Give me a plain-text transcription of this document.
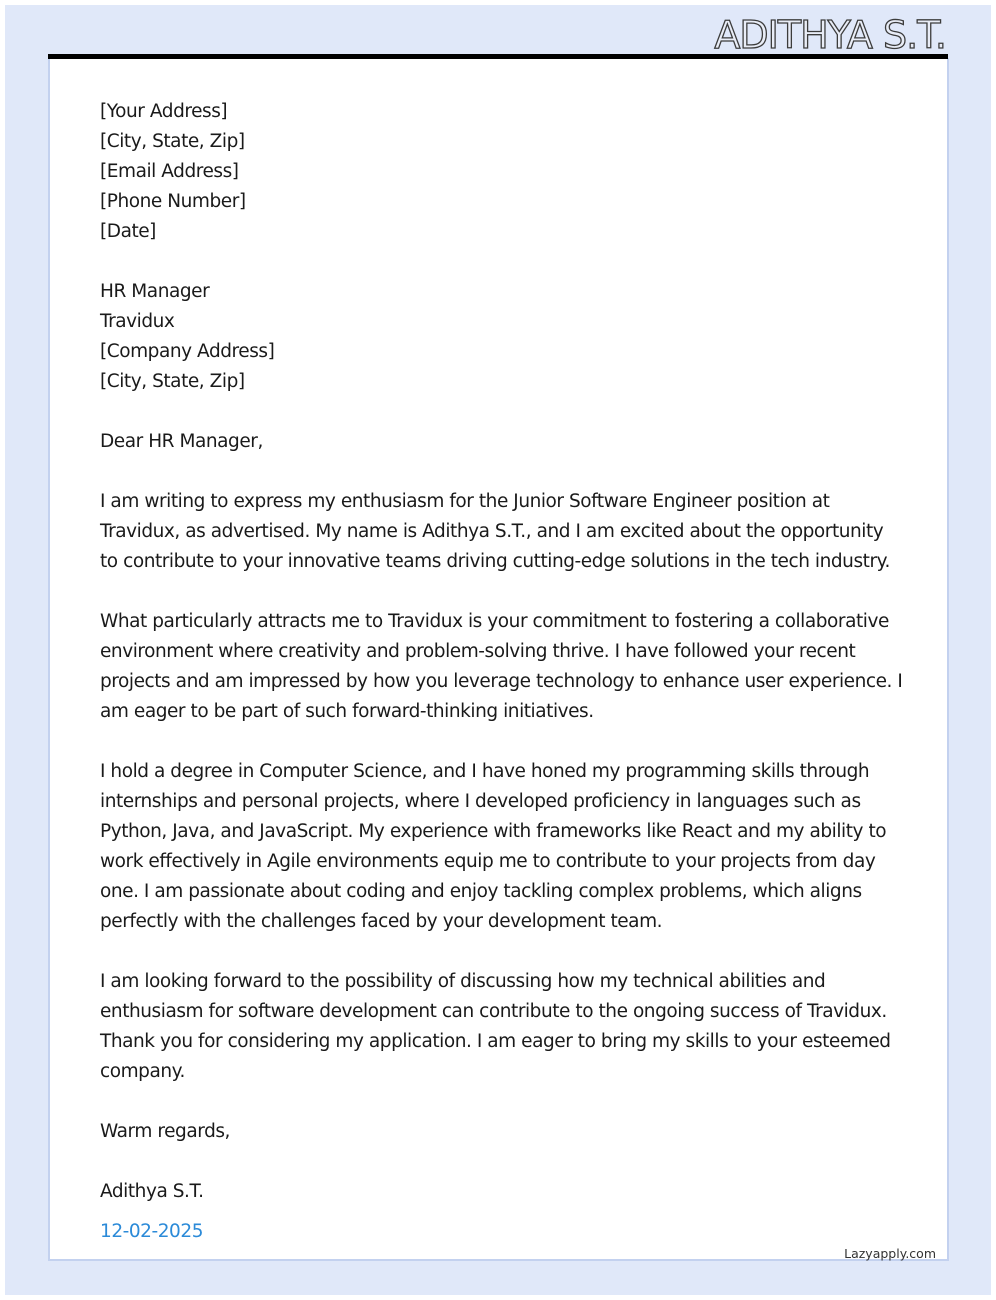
ADITHYA S.T.
[Your Address]
[City, State, Zip]
[Email Address]
[Phone Number]
[Date]
HR Manager
Travidux
[Company Address]
[City, State, Zip]
Dear HR Manager,
I am writing to express my enthusiasm for the Junior Software Engineer position at
Travidux, as advertised. My name is Adithya S.T., and I am excited about the opportunity
to contribute to your innovative teams driving cutting-edge solutions in the tech industry.
What particularly attracts me to Travidux is your commitment to fostering a collaborative
environment where creativity and problem-solving thrive. I have followed your recent
projects and am impressed by how you leverage technology to enhance user experience. I
am eager to be part of such forward-thinking initiatives.
I hold a degree in Computer Science, and I have honed my programming skills through
internships and personal projects, where I developed proficiency in languages such as
Python, Java, and JavaScript. My experience with frameworks like React and my ability to
work effectively in Agile environments equip me to contribute to your projects from day
one. I am passionate about coding and enjoy tackling complex problems, which aligns
perfectly with the challenges faced by your development team.
I am looking forward to the possibility of discussing how my technical abilities and
enthusiasm for software development can contribute to the ongoing success of Travidux.
Thank you for considering my application. I am eager to bring my skills to your esteemed
company.
Warm regards,
Adithya S.T.
12-02-2025
Lazyapply.com
